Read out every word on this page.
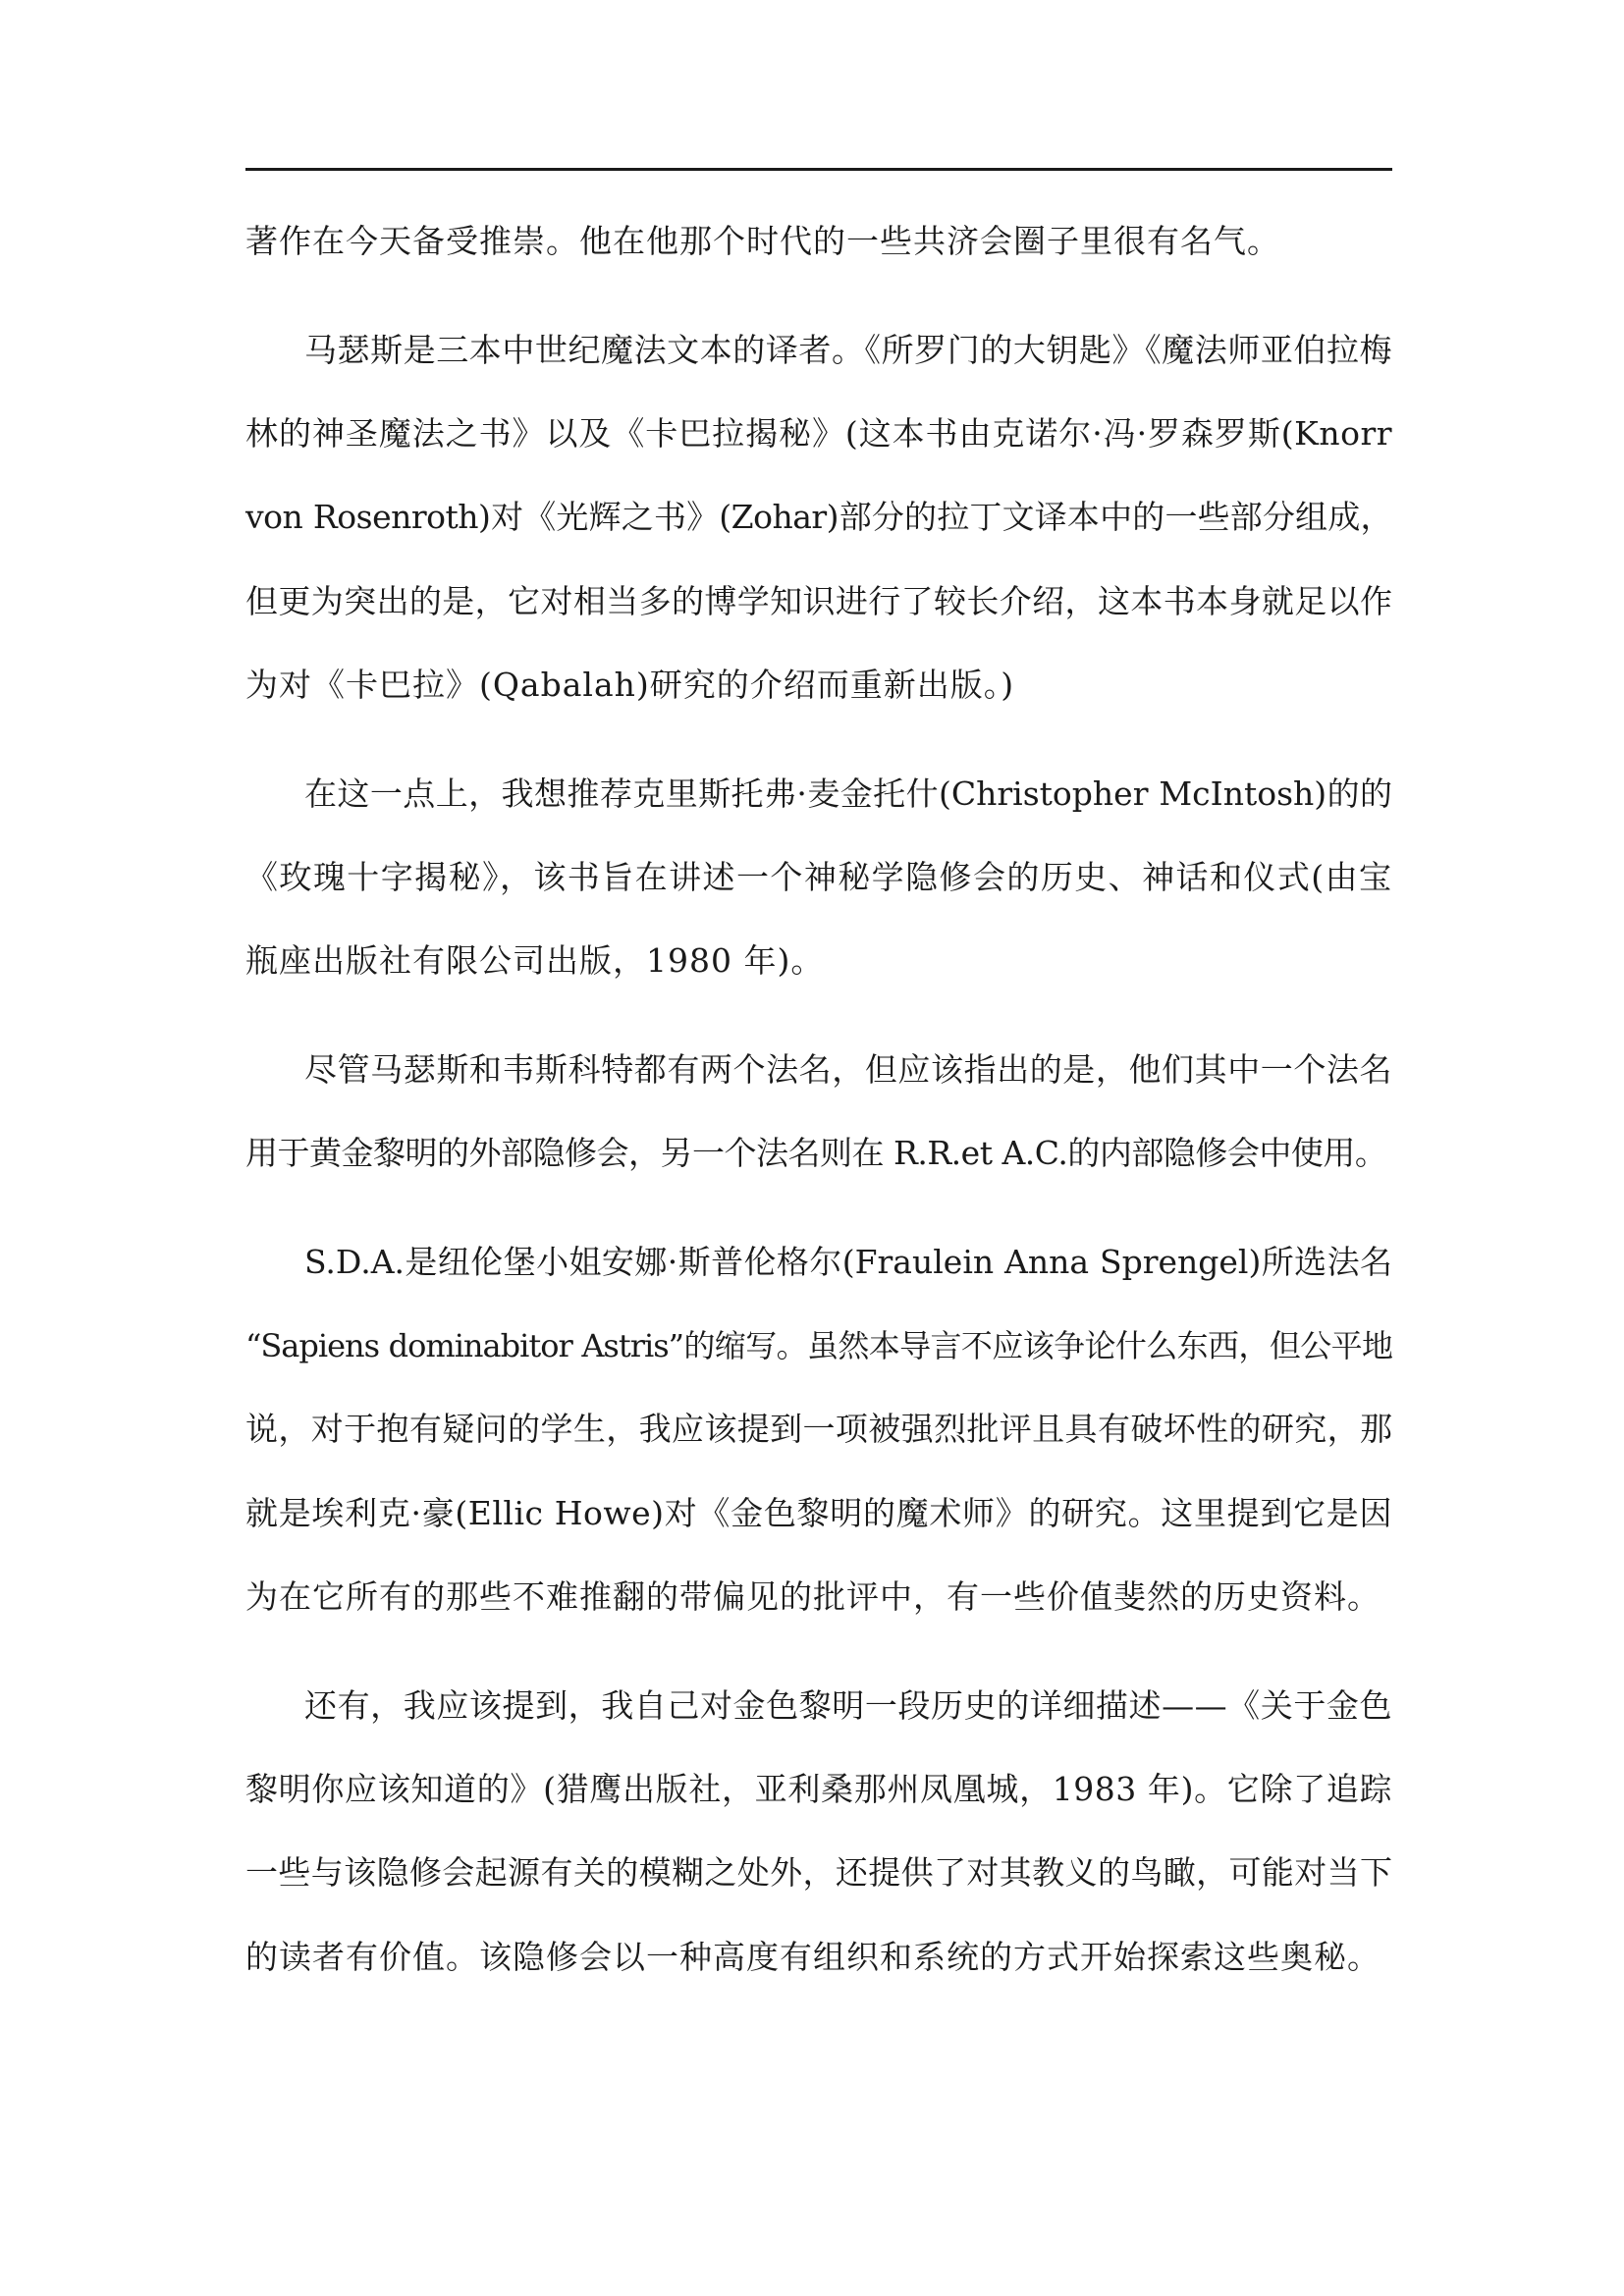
著作在今天备受推崇。他在他那个时代的一些共济会圈子里很有名气。
马瑟斯是三本中世纪魔法文本的译者。《所罗门的大钥匙》《魔法师亚伯拉梅
林的神圣魔法之书》以及《卡巴拉揭秘》(这本书由克诺尔·冯·罗森罗斯(Knorr
von Rosenroth)对《光辉之书》(Zohar)部分的拉丁文译本中的一些部分组成，
但更为突出的是，它对相当多的博学知识进行了较长介绍，这本书本身就足以作
为对《卡巴拉》(Qabalah)研究的介绍而重新出版。)
在这一点上，我想推荐克里斯托弗·麦金托什(Christopher McIntosh)的的
《玫瑰十字揭秘》，该书旨在讲述一个神秘学隐修会的历史、神话和仪式(由宝
瓶座出版社有限公司出版，1980 年)。
尽管马瑟斯和韦斯科特都有两个法名，但应该指出的是，他们其中一个法名
用于黄金黎明的外部隐修会，另一个法名则在 R.R.et A.C.的内部隐修会中使用。
S.D.A.是纽伦堡小姐安娜·斯普伦格尔(Fraulein Anna Sprengel)所选法名
“Sapiens dominabitor Astris”的缩写。虽然本导言不应该争论什么东西，但公平地
说，对于抱有疑问的学生，我应该提到一项被强烈批评且具有破坏性的研究，那
就是埃利克·豪(Ellic Howe)对《金色黎明的魔术师》的研究。这里提到它是因
为在它所有的那些不难推翻的带偏见的批评中，有一些价值斐然的历史资料。
还有，我应该提到，我自己对金色黎明一段历史的详细描述——《关于金色
黎明你应该知道的》(猎鹰出版社，亚利桑那州凤凰城，1983 年)。它除了追踪
一些与该隐修会起源有关的模糊之处外，还提供了对其教义的鸟瞰，可能对当下
的读者有价值。该隐修会以一种高度有组织和系统的方式开始探索这些奥秘。
